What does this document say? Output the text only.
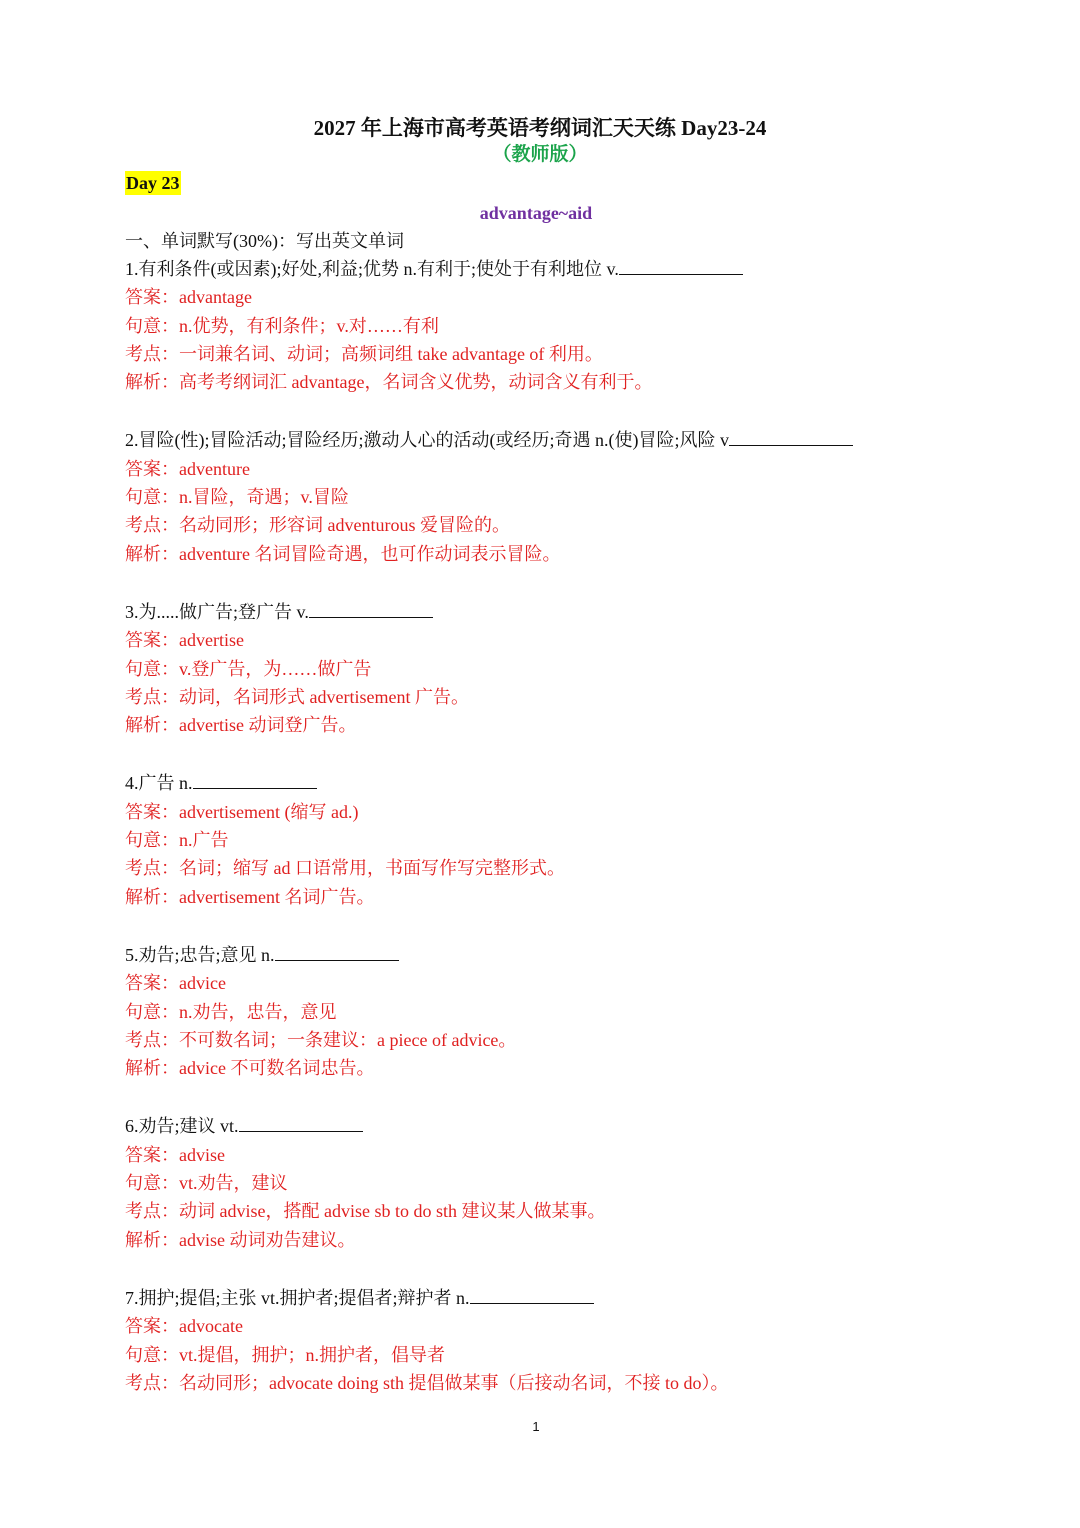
2027 年上海市高考英语考纲词汇天天练 Day23-24
（教师版）
Day 23
advantage~aid
一、单词默写(30%)：写出英文单词
1.有利条件(或因素);好处,利益;优势 n.有利于;使处于有利地位 v.
答案：advantage
句意：n.优势，有利条件；v.对……有利
考点：一词兼名词、动词；高频词组 take advantage of 利用。
解析：高考考纲词汇 advantage，名词含义优势，动词含义有利于。
2.冒险(性);冒险活动;冒险经历;激动人心的活动(或经历;奇遇 n.(使)冒险;风险 v
答案：adventure
句意：n.冒险，奇遇；v.冒险
考点：名动同形；形容词 adventurous 爱冒险的。
解析：adventure 名词冒险奇遇，也可作动词表示冒险。
3.为.....做广告;登广告 v.
答案：advertise
句意：v.登广告，为……做广告
考点：动词，名词形式 advertisement 广告。
解析：advertise 动词登广告。
4.广告 n.
答案：advertisement (缩写 ad.)
句意：n.广告
考点：名词；缩写 ad 口语常用，书面写作写完整形式。
解析：advertisement 名词广告。
5.劝告;忠告;意见 n.
答案：advice
句意：n.劝告，忠告，意见
考点：不可数名词；一条建议：a piece of advice。
解析：advice 不可数名词忠告。
6.劝告;建议 vt.
答案：advise
句意：vt.劝告，建议
考点：动词 advise，搭配 advise sb to do sth 建议某人做某事。
解析：advise 动词劝告建议。
7.拥护;提倡;主张 vt.拥护者;提倡者;辩护者 n.
答案：advocate
句意：vt.提倡，拥护；n.拥护者，倡导者
考点：名动同形；advocate doing sth 提倡做某事（后接动名词，不接 to do）。
1
